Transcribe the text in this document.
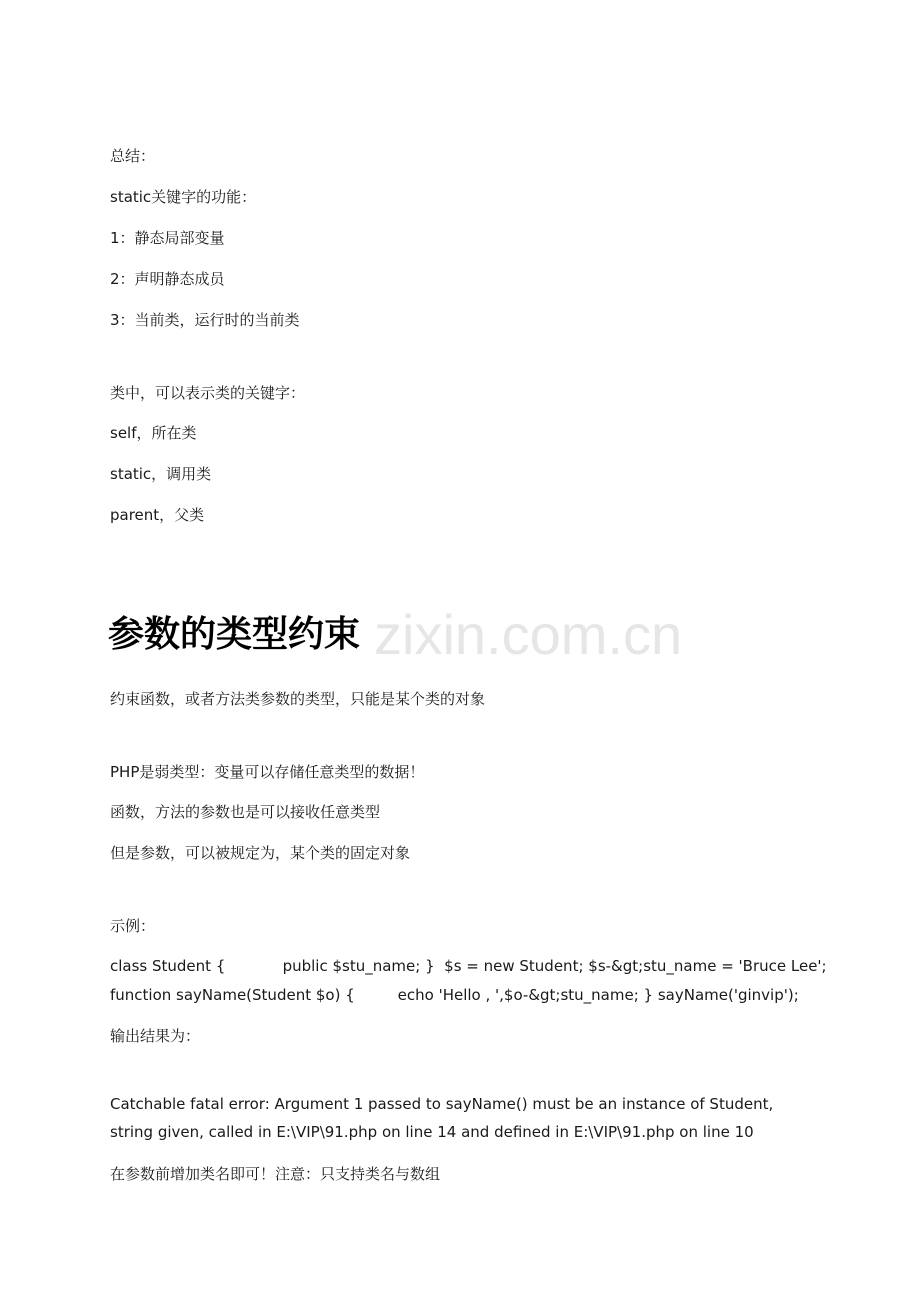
总结：
static关键字的功能：
1：静态局部变量
2：声明静态成员
3：当前类，运行时的当前类
类中，可以表示类的关键字：
self，所在类
static，调用类
parent，父类
zixin.com.cn
参数的类型约束
约束函数，或者方法类参数的类型，只能是某个类的对象
PHP是弱类型：变量可以存储任意类型的数据！
函数，方法的参数也是可以接收任意类型
但是参数，可以被规定为，某个类的固定对象
示例：
class Student {            public $stu_name; }  $s = new Student; $s-&gt;stu_name = 'Bruce Lee';
function sayName(Student $o) {         echo 'Hello , ',$o-&gt;stu_name; } sayName('ginvip');
输出结果为：
Catchable fatal error: Argument 1 passed to sayName() must be an instance of Student, string given, called in E:\VIP\91.php on line 14 and defined in E:\VIP\91.php on line 10
在参数前增加类名即可！注意：只支持类名与数组
